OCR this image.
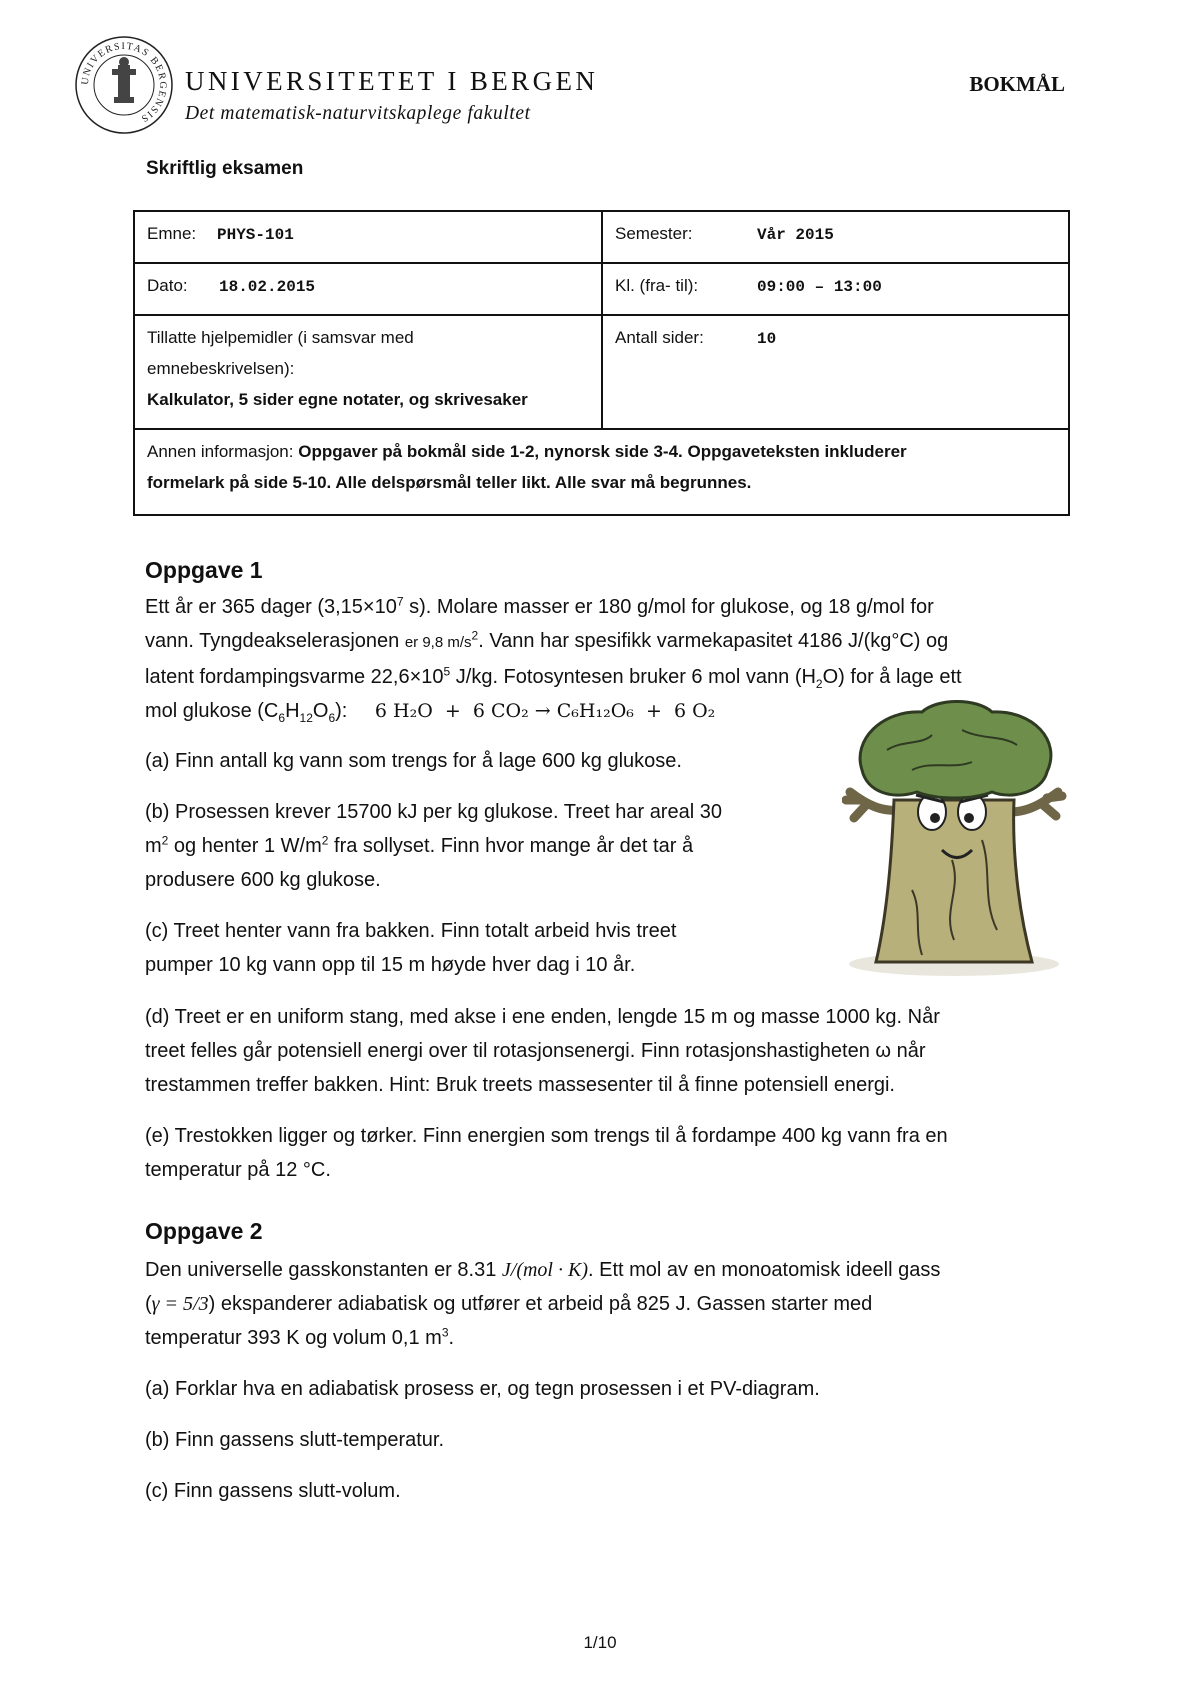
UNIVERSITAS BERGENSIS
UNIVERSITETET I BERGEN
Det matematisk-naturvitskaplege fakultet
BOKMÅL
Skriftlig eksamen
Emne: PHYS-101	Semester: Vår 2015
Dato: 18.02.2015	Kl. (fra- til): 09:00 – 13:00

Tillatte hjelpemidler (i samsvar med
emnebeskrivelsen):
Kalkulator, 5 sider egne notater, og skrivesaker	Antall sider: 10

Annen informasjon: Oppgaver på bokmål side 1-2, nynorsk side 3-4. Oppgaveteksten inkluderer
formelark på side 5-10. Alle delspørsmål teller likt. Alle svar må begrunnes.	
Oppgave 1
Ett år er 365 dager ($3,15\times 10^7$ s). Molare masser er 180 g/mol for glukose, og 18 g/mol for
vann. Tyngdeakselerasjonen er 9,8 $m/s^2$. Vann har spesifikk varmekapasitet 4186 J/(kg°C) og
latent fordampingsvarme $22,6\times 10^5$ J/kg. Fotosyntesen bruker 6 mol vann $(H_2O)$ for å lage ett
mol glukose $(C_6H_{12}O_6)$: 6 H₂O  +  6 CO₂ → C₆H₁₂O₆  +  6 O₂
(a) Finn antall kg vann som trengs for å lage 600 kg glukose.
(b) Prosessen krever 15700 kJ per kg glukose. Treet har areal 30
$m^2$ og henter 1 $W/m^2$ fra sollyset. Finn hvor mange år det tar å
produsere 600 kg glukose.
(c) Treet henter vann fra bakken. Finn totalt arbeid hvis treet
pumper 10 kg vann opp til 15 m høyde hver dag i 10 år.
(d) Treet er en uniform stang, med akse i ene enden, lengde 15 m og masse 1000 kg. Når
treet felles går potensiell energi over til rotasjonsenergi. Finn rotasjonshastigheten ω når
trestammen treffer bakken. Hint: Bruk treets massesenter til å finne potensiell energi.
(e) Trestokken ligger og tørker. Finn energien som trengs til å fordampe 400 kg vann fra en
temperatur på 12 °C.
Oppgave 2
Den universelle gasskonstanten er 8.31 J/(mol · K). Ett mol av en monoatomisk ideell gass
(γ = 5/3) ekspanderer adiabatisk og utfører et arbeid på 825 J. Gassen starter med
temperatur 393 K og volum 0,1 $m^3$.
(a) Forklar hva en adiabatisk prosess er, og tegn prosessen i et PV-diagram.
(b) Finn gassens slutt-temperatur.
(c) Finn gassens slutt-volum.
1/10
